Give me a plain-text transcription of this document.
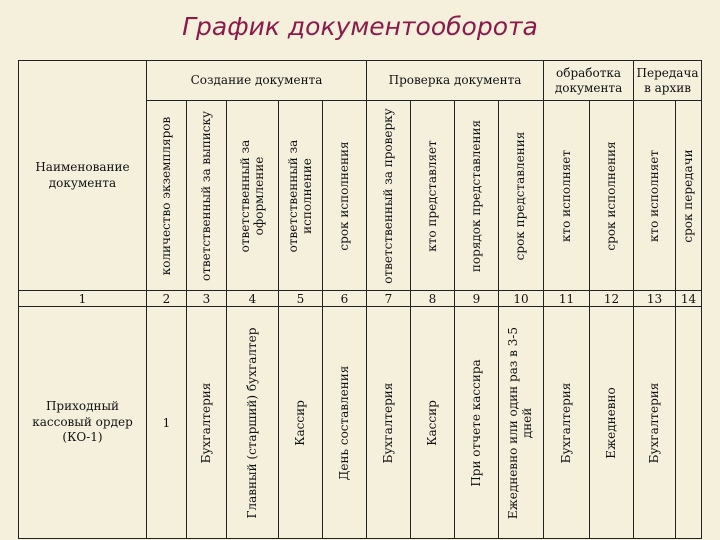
График документооборота
Наименование документа	Создание документа					Проверка документа				обработка документа		Передача в архив	

	количество экземпляров	ответственный за выписку	ответственный за оформление	ответственный за исполнение	срок исполнения	ответственный за проверку	кто представляет	порядок представления	срок представления	кто исполняет	срок исполнения	кто исполняет	срок передачи

1	2	3	4	5	6	7	8	9	10	11	12	13	14
Приходный кассовый ордер (КО-1)	1	Бухгалтерия	Главный (старший) бухгалтер	Кассир	День составления	Бухгалтерия	Кассир	При отчете кассира	Ежедневно или один раз в 3-5 дней	Бухгалтерия	Ежедневно	Бухгалтерия	
